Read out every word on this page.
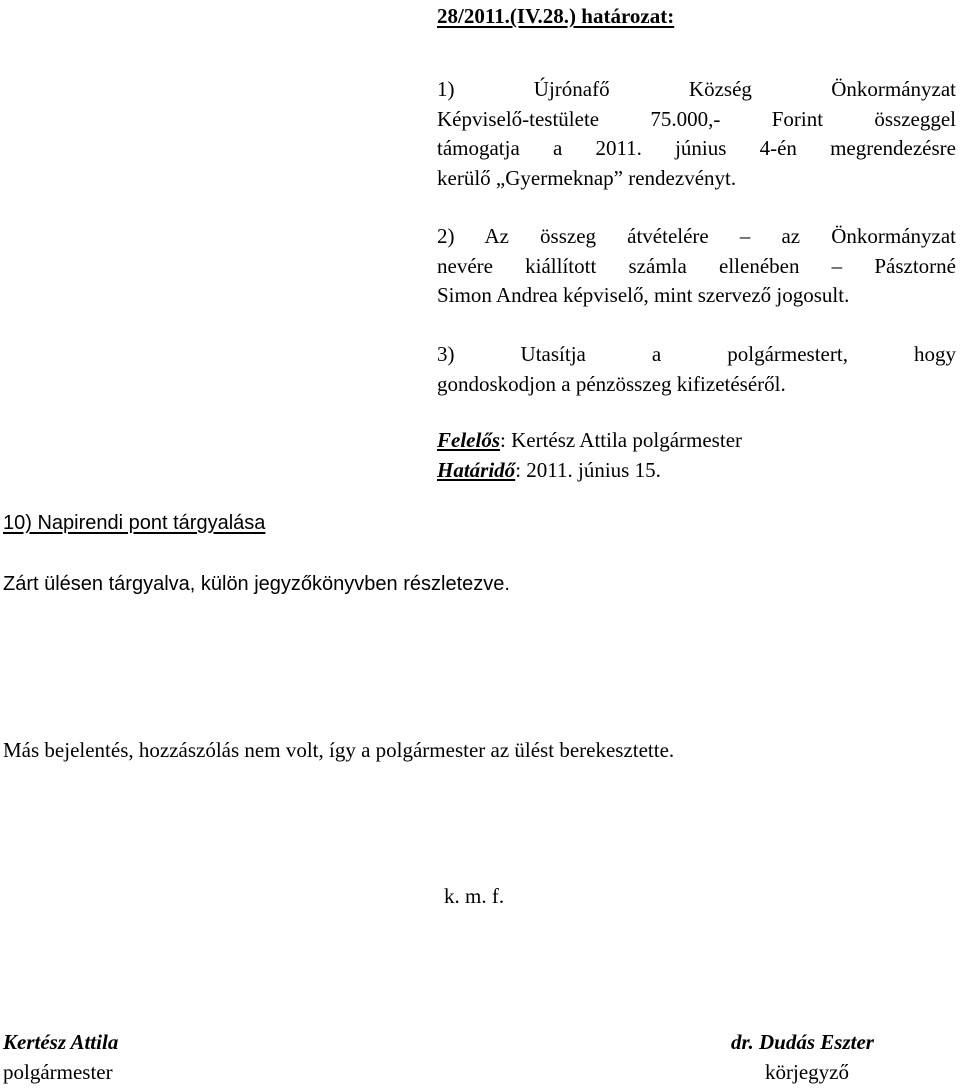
28/2011.(IV.28.) határozat:
1) Újrónafő Község Önkormányzat
Képviselő-testülete 75.000,- Forint összeggel
támogatja a 2011. június 4-én megrendezésre
kerülő „Gyermeknap” rendezvényt.
2) Az összeg átvételére – az Önkormányzat
nevére kiállított számla ellenében – Pásztorné
Simon Andrea képviselő, mint szervező jogosult.
3) Utasítja a polgármestert, hogy
gondoskodjon a pénzösszeg kifizetéséről.
Felelős: Kertész Attila polgármester
Határidő: 2011. június 15.
10) Napirendi pont tárgyalása
Zárt ülésen tárgyalva, külön jegyzőkönyvben részletezve.
Más bejelentés, hozzászólás nem volt, így a polgármester az ülést berekesztette.
k. m. f.
Kertész Attila
polgármester
dr. Dudás Eszter
körjegyző
